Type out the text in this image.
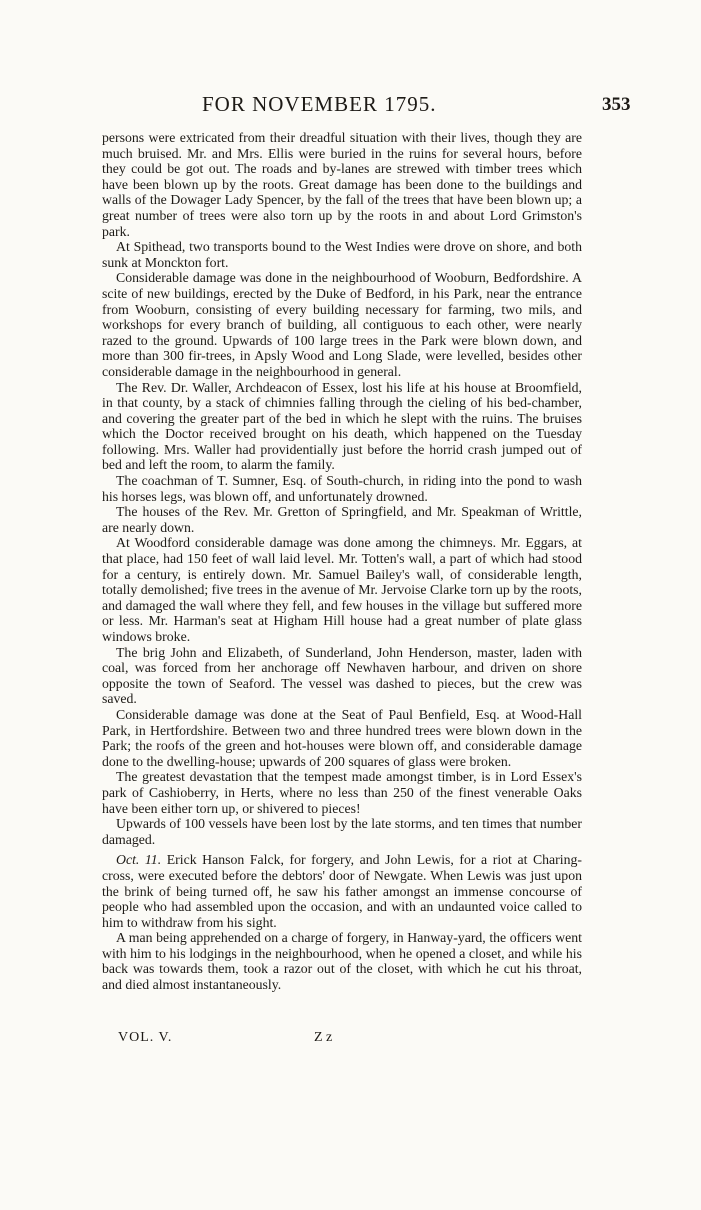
FOR NOVEMBER 1795.	353

persons were extricated from their dreadful situation with their lives, though they are much bruised. Mr. and Mrs. Ellis were buried in the ruins for several hours, before they could be got out. The roads and by-lanes are strewed with timber trees which have been blown up by the roots. Great damage has been done to the buildings and walls of the Dowager Lady Spencer, by the fall of the trees that have been blown up; a great number of trees were also torn up by the roots in and about Lord Grimston's park.

At Spithead, two transports bound to the West Indies were drove on shore, and both sunk at Monckton fort.

Considerable damage was done in the neighbourhood of Wooburn, Bedfordshire. A scite of new buildings, erected by the Duke of Bedford, in his Park, near the entrance from Wooburn, consisting of every building necessary for farming, two mils, and workshops for every branch of building, all contiguous to each other, were nearly razed to the ground. Upwards of 100 large trees in the Park were blown down, and more than 300 fir-trees, in Apsly Wood and Long Slade, were levelled, besides other considerable damage in the neighbourhood in general.

The Rev. Dr. Waller, Archdeacon of Essex, lost his life at his house at Broomfield, in that county, by a stack of chimnies falling through the cieling of his bed-chamber, and covering the greater part of the bed in which he slept with the ruins. The bruises which the Doctor received brought on his death, which happened on the Tuesday following. Mrs. Waller had providentially just before the horrid crash jumped out of bed and left the room, to alarm the family.

The coachman of T. Sumner, Esq. of South-church, in riding into the pond to wash his horses legs, was blown off, and unfortunately drowned.

The houses of the Rev. Mr. Gretton of Springfield, and Mr. Speakman of Writtle, are nearly down.

At Woodford considerable damage was done among the chimneys. Mr. Eggars, at that place, had 150 feet of wall laid level. Mr. Totten's wall, a part of which had stood for a century, is entirely down. Mr. Samuel Bailey's wall, of considerable length, totally demolished; five trees in the avenue of Mr. Jervoise Clarke torn up by the roots, and damaged the wall where they fell, and few houses in the village but suffered more or less. Mr. Harman's seat at Higham Hill house had a great number of plate glass windows broke.

The brig John and Elizabeth, of Sunderland, John Henderson, master, laden with coal, was forced from her anchorage off Newhaven harbour, and driven on shore opposite the town of Seaford. The vessel was dashed to pieces, but the crew was saved.

Considerable damage was done at the Seat of Paul Benfield, Esq. at Wood-Hall Park, in Hertfordshire. Between two and three hundred trees were blown down in the Park; the roofs of the green and hot-houses were blown off, and considerable damage done to the dwelling-house; upwards of 200 squares of glass were broken.

The greatest devastation that the tempest made amongst timber, is in Lord Essex's park of Cashioberry, in Herts, where no less than 250 of the finest venerable Oaks have been either torn up, or shivered to pieces!

Upwards of 100 vessels have been lost by the late storms, and ten times that number damaged.

Oct. 11. Erick Hanson Falck, for forgery, and John Lewis, for a riot at Charing-cross, were executed before the debtors' door of Newgate. When Lewis was just upon the brink of being turned off, he saw his father amongst an immense concourse of people who had assembled upon the occasion, and with an undaunted voice called to him to withdraw from his sight.

A man being apprehended on a charge of forgery, in Hanway-yard, the officers went with him to his lodgings in the neighbourhood, when he opened a closet, and while his back was towards them, took a razor out of the closet, with which he cut his throat, and died almost instantaneously.

VOL. V.	Z z
